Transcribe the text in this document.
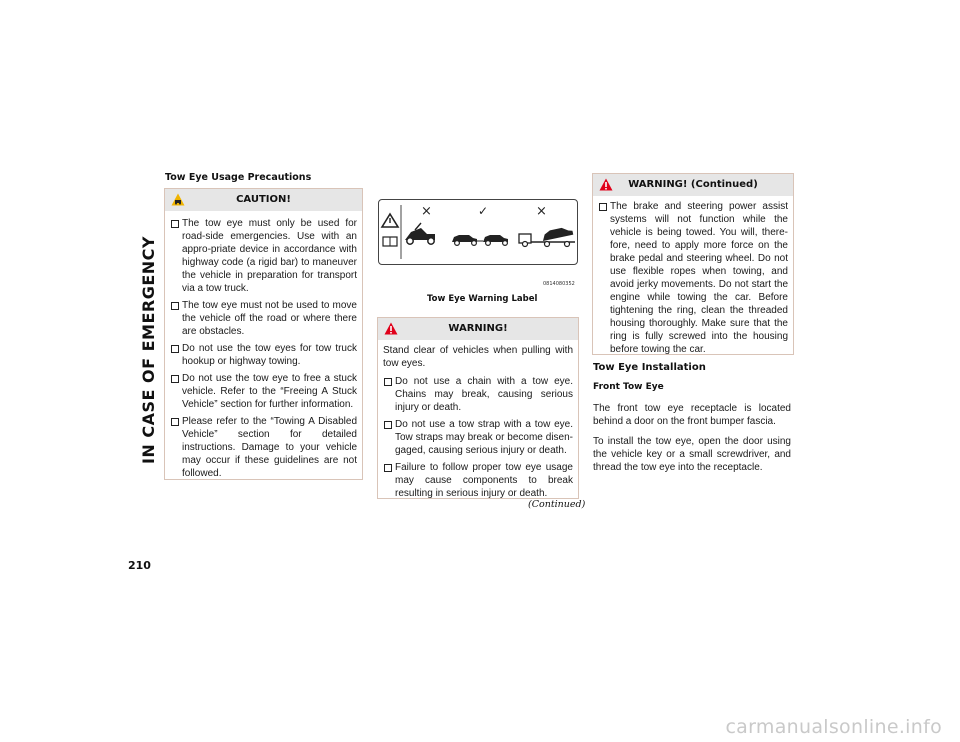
IN CASE OF EMERGENCY
210
Tow Eye Usage Precautions
CAUTION!
The tow eye must only be used for road-side emergencies. Use with an appro-priate device in accordance with highway code (a rigid bar) to maneuver the vehicle in preparation for transport via a tow truck.
The tow eye must not be used to move the vehicle off the road or where there are obstacles.
Do not use the tow eyes for tow truck hookup or highway towing.
Do not use the tow eye to free a stuck vehicle. Refer to the “Freeing A Stuck Vehicle” section for further information.
Please refer to the “Towing A Disabled Vehicle” section for detailed instructions. Damage to your vehicle may occur if these guidelines are not followed.
×	✓	×
0814080352
Tow Eye Warning Label
WARNING!

Stand clear of vehicles when pulling with tow eyes.

Do not use a chain with a tow eye. Chains may break, causing serious injury or death.
Do not use a tow strap with a tow eye. Tow straps may break or become disen-gaged, causing serious injury or death.
Failure to follow proper tow eye usage may cause components to break resulting in serious injury or death.
(Continued)
WARNING! (Continued)
The brake and steering power assist systems will not function while the vehicle is being towed. You will, there-fore, need to apply more force on the brake pedal and steering wheel. Do not use flexible ropes when towing, and avoid jerky movements. Do not start the engine while towing the car. Before tightening the ring, clean the threaded housing thoroughly. Make sure that the ring is fully screwed into the housing before towing the car.
Tow Eye Installation
Front Tow Eye
The front tow eye receptacle is located behind a door on the front bumper fascia.
To install the tow eye, open the door using the vehicle key or a small screwdriver, and thread the tow eye into the receptacle.
carmanualsonline.info
